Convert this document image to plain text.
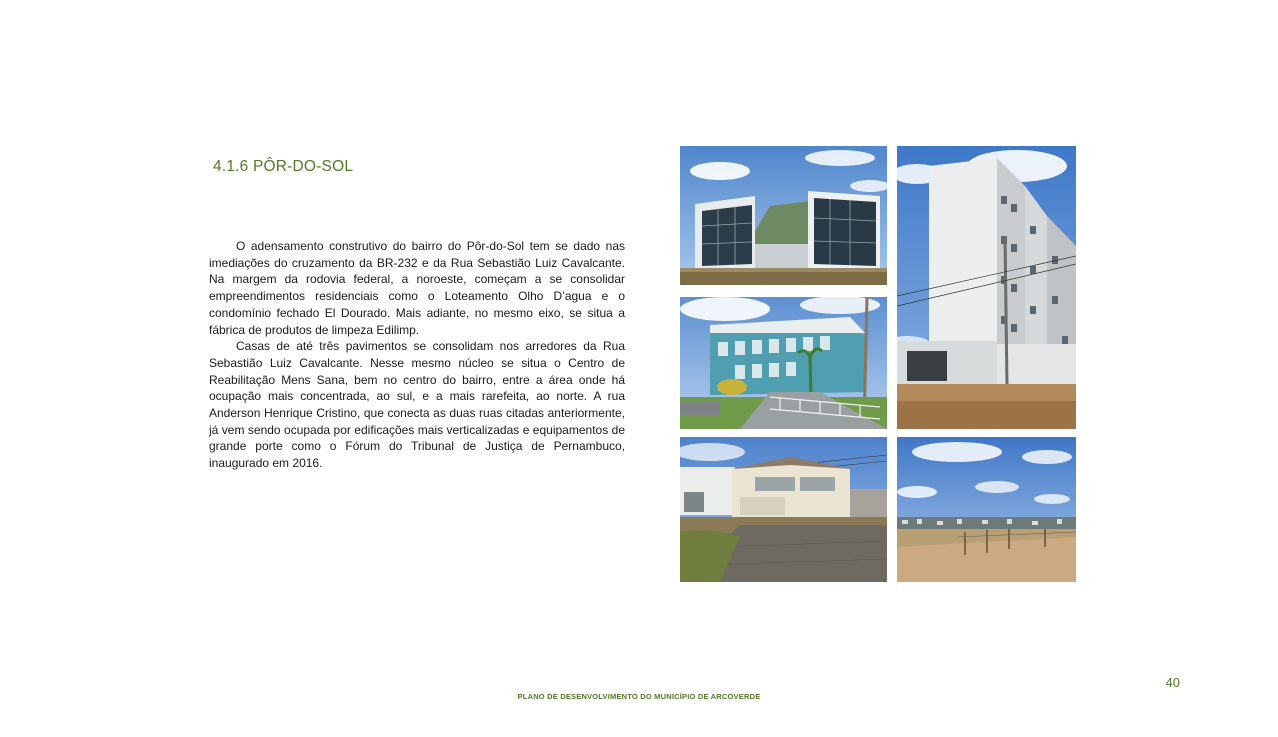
4.1.6 PÔR-DO-SOL

O adensamento construtivo do bairro do Pôr-do-Sol tem se dado nas imediações do cruzamento da BR-232 e da Rua Sebastião Luiz Cavalcante. Na margem da rodovia federal, a noroeste, começam a se consolidar empreendimentos residenciais como o Loteamento Olho D’agua e o condomínio fechado El Dourado. Mais adiante, no mesmo eixo, se situa a fábrica de produtos de limpeza Edilimp.

Casas de até três pavimentos se consolidam nos arredores da Rua Sebastião Luiz Cavalcante. Nesse mesmo núcleo se situa o Centro de Reabilitação Mens Sana, bem no centro do bairro, entre a área onde há ocupação mais concentrada, ao sul, e a mais rarefeita, ao norte. A rua Anderson Henrique Cristino, que conecta as duas ruas citadas anteriormente, já vem sendo ocupada por edificações mais verticalizadas e equipamentos de grande porte como o Fórum do Tribunal de Justiça de Pernambuco, inaugurado em 2016.

40
PLANO DE DESENVOLVIMENTO DO MUNICÍPIO DE ARCOVERDE
